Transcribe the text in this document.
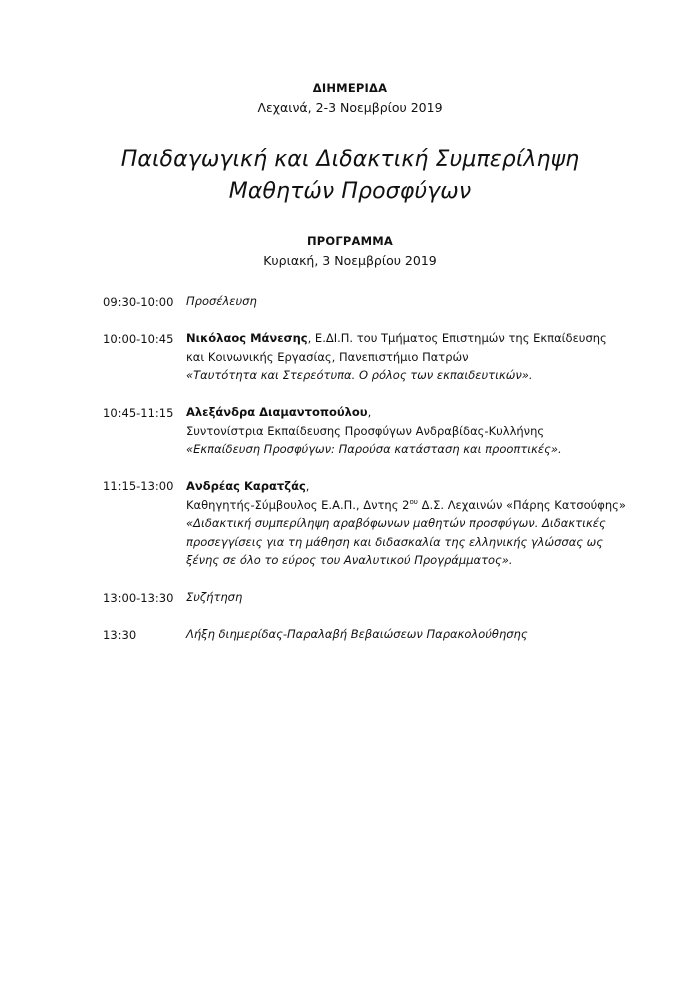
ΔΙΗΜΕΡΙΔΑ
Λεχαινά, 2-3 Νοεμβρίου 2019
Παιδαγωγική και Διδακτική Συμπερίληψη
Μαθητών Προσφύγων
ΠΡΟΓΡΑΜΜΑ
Κυριακή, 3 Νοεμβρίου 2019
09:30-10:00	Προσέλευση
10:00-10:45	Νικόλαος Μάνεσης, Ε.ΔΙ.Π. του Τμήματος Επιστημών της Εκπαίδευσης
και Κοινωνικής Εργασίας, Πανεπιστήμιο Πατρών
«Ταυτότητα και Στερεότυπα. Ο ρόλος των εκπαιδευτικών».
10:45-11:15	Αλεξάνδρα Διαμαντοπούλου,
Συντονίστρια Εκπαίδευσης Προσφύγων Ανδραβίδας-Κυλλήνης
«Εκπαίδευση Προσφύγων: Παρούσα κατάσταση και προοπτικές».
11:15-13:00	Ανδρέας Καρατζάς,
Καθηγητής-Σύμβουλος Ε.Α.Π., Δντης $2^{o\upsilon}$ Δ.Σ. Λεχαινών «Πάρης Κατσούφης»
«Διδακτική συμπερίληψη αραβόφωνων μαθητών προσφύγων. Διδακτικές
προσεγγίσεις για τη μάθηση και διδασκαλία της ελληνικής γλώσσας ως
ξένης σε όλο το εύρος του Αναλυτικού Προγράμματος».
13:00-13:30	Συζήτηση
13:30	Λήξη διημερίδας-Παραλαβή Βεβαιώσεων Παρακολούθησης
